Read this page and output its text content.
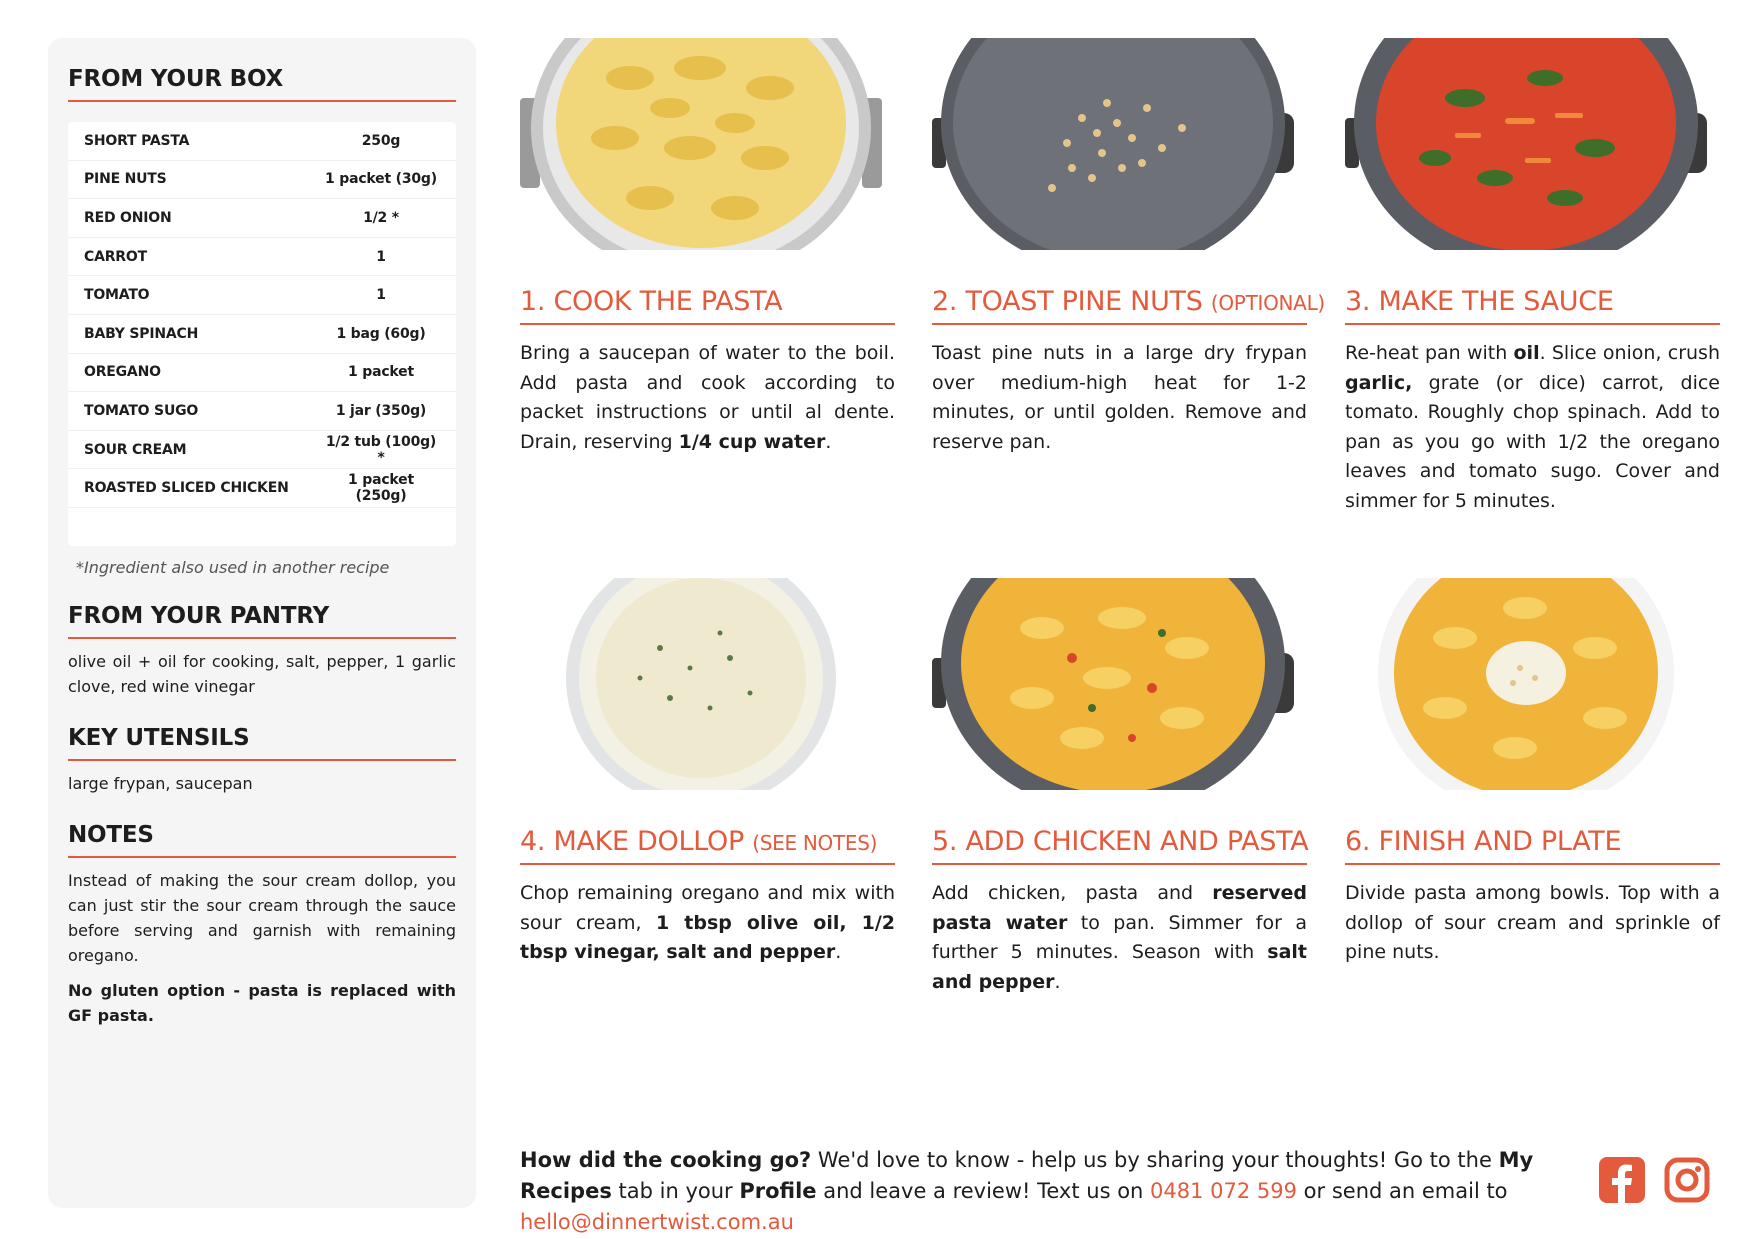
FROM YOUR BOX
SHORT PASTA	250g
PINE NUTS	1 packet (30g)
RED ONION	1/2 *
CARROT	1
TOMATO	1
BABY SPINACH	1 bag (60g)
OREGANO	1 packet
TOMATO SUGO	1 jar (350g)
SOUR CREAM	1/2 tub (100g) *
ROASTED SLICED CHICKEN	1 packet (250g)
*Ingredient also used in another recipe
FROM YOUR PANTRY
olive oil + oil for cooking, salt, pepper, 1 garlic clove, red wine vinegar
KEY UTENSILS
large frypan, saucepan
NOTES
Instead of making the sour cream dollop, you can just stir the sour cream through the sauce before serving and garnish with remaining oregano.
No gluten option - pasta is replaced with GF pasta.
1. COOK THE PASTA

Bring a saucepan of water to the boil. Add pasta and cook according to packet instructions or until al dente. Drain, reserving 1/4 cup water.

2. TOAST PINE NUTS (OPTIONAL)

Toast pine nuts in a large dry frypan over medium-high heat for 1-2 minutes, or until golden. Remove and reserve pan.

3. MAKE THE SAUCE

Re-heat pan with oil. Slice onion, crush garlic, grate (or dice) carrot, dice tomato. Roughly chop spinach. Add to pan as you go with 1/2 the oregano leaves and tomato sugo. Cover and simmer for 5 minutes.

4. MAKE DOLLOP (SEE NOTES)

Chop remaining oregano and mix with sour cream, 1 tbsp olive oil, 1/2 tbsp vinegar, salt and pepper.

5. ADD CHICKEN AND PASTA

Add chicken, pasta and reserved pasta water to pan. Simmer for a further 5 minutes. Season with salt and pepper.

6. FINISH AND PLATE

Divide pasta among bowls. Top with a dollop of sour cream and sprinkle of pine nuts.

How did the cooking go? We'd love to know - help us by sharing your thoughts! Go to the My Recipes tab in your Profile and leave a review! Text us on 0481 072 599 or send an email to hello@dinnertwist.com.au
